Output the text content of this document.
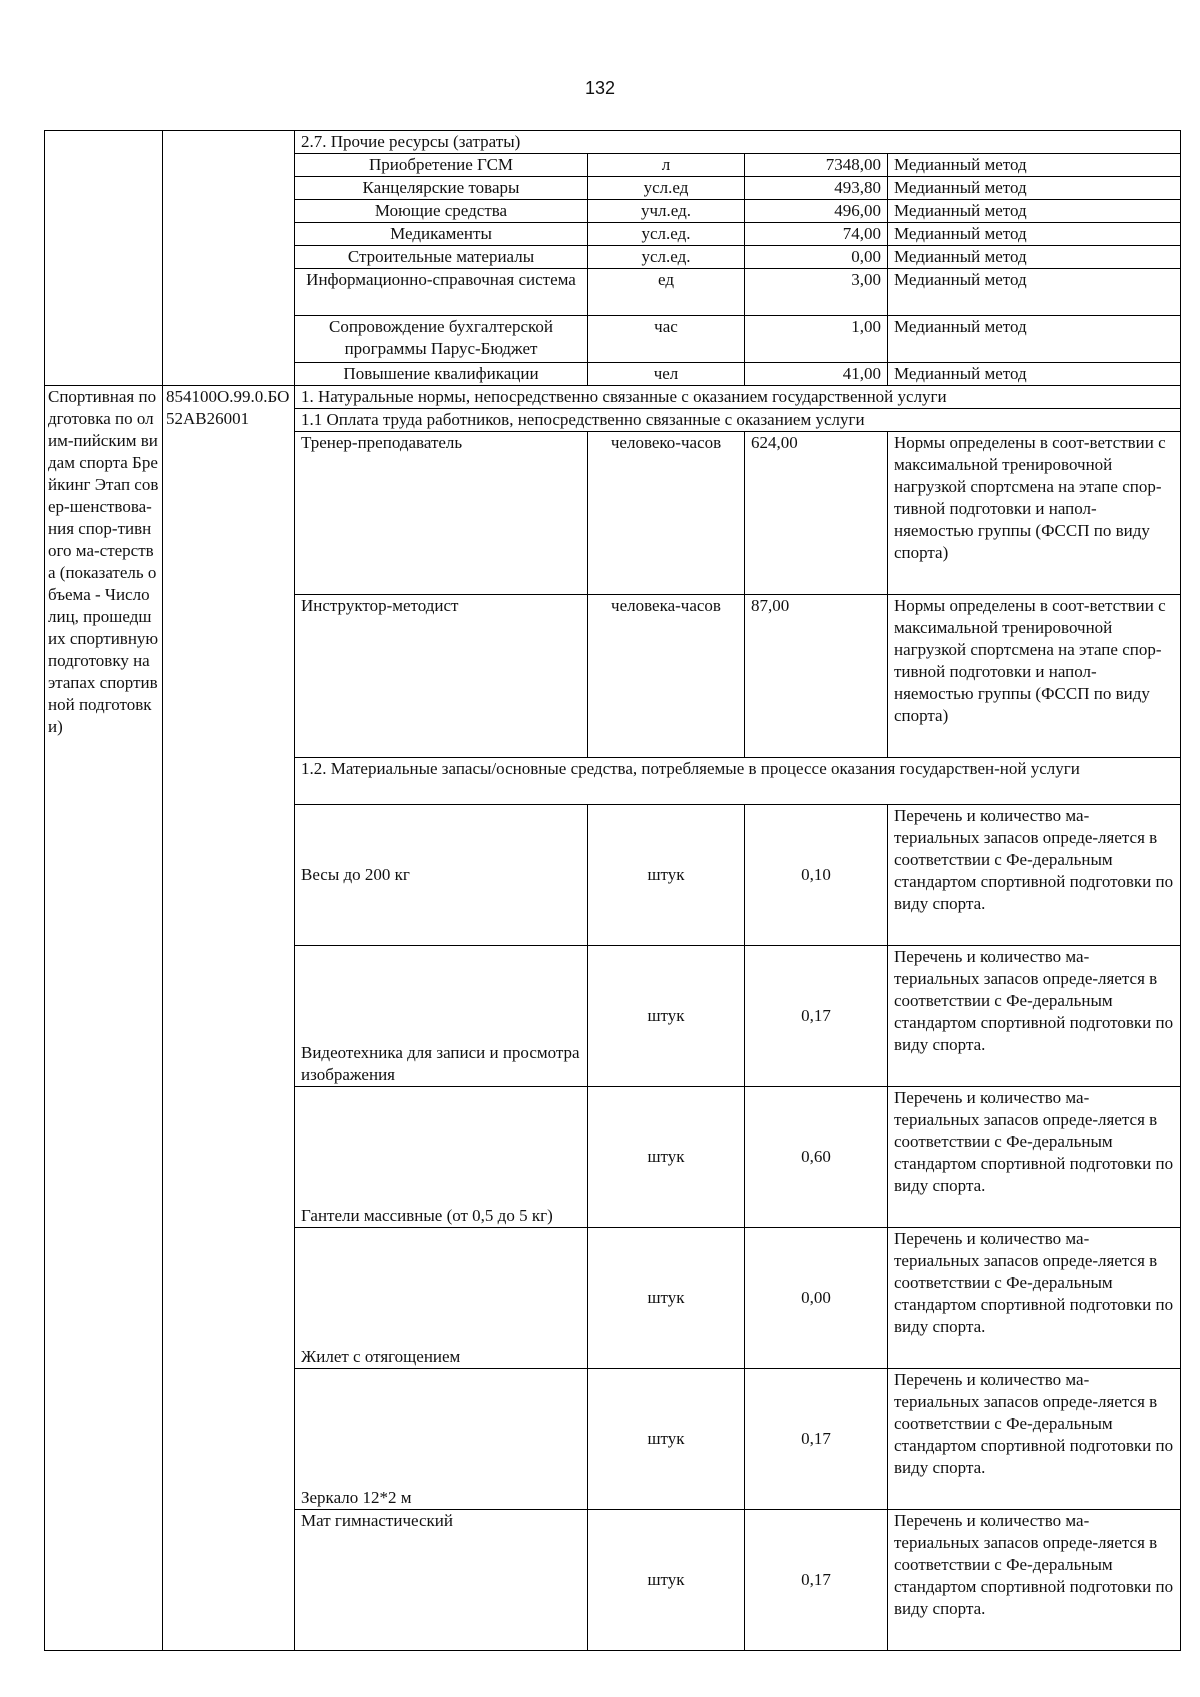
132
		2.7. Прочие ресурсы (затраты)			
		Приобретение ГСМ	л	7348,00	Медианный метод
		Канцелярские товары	усл.ед	493,80	Медианный метод
		Моющие средства	учл.ед.	496,00	Медианный метод
		Медикаменты	усл.ед.	74,00	Медианный метод
		Строительные материалы	усл.ед.	0,00	Медианный метод
		Информационно-справочная система	ед	3,00	Медианный метод
		Сопровождение бухгалтерской программы Парус-Бюджет	час	1,00	Медианный метод
		Повышение квалификации	чел	41,00	Медианный метод
Спортивная подготовка по олим-пийским видам спорта Брейкинг Этап совер-шенствова-ния спор-тивного ма-стерства (показатель объема - Число лиц, прошедших спортивную подготовку на этапах спортивной подготовки)	854100О.99.0.БО52АВ26001	1. Натуральные нормы, непосредственно связанные с оказанием государственной услуги			
		1.1 Оплата труда работников, непосредственно связанные с оказанием услуги			
		Тренер-преподаватель	человеко-часов	624,00	Нормы определены в соот-ветствии с максимальной тренировочной нагрузкой спортсмена на этапе спор-тивной подготовки и напол-няемостью группы (ФССП по виду спорта)
		Инструктор-методист	человека-часов	87,00	Нормы определены в соот-ветствии с максимальной тренировочной нагрузкой спортсмена на этапе спор-тивной подготовки и напол-няемостью группы (ФССП по виду спорта)
		1.2. Материальные запасы/основные средства, потребляемые в процессе оказания государствен-ной услуги			
		Весы до 200 кг	штук	0,10	Перечень и количество ма-териальных запасов опреде-ляется в соответствии с Фе-деральным стандартом спортивной подготовки по виду спорта.
		Видеотехника для записи и просмотра изображения	штук	0,17	Перечень и количество ма-териальных запасов опреде-ляется в соответствии с Фе-деральным стандартом спортивной подготовки по виду спорта.
		Гантели массивные (от 0,5 до 5 кг)	штук	0,60	Перечень и количество ма-териальных запасов опреде-ляется в соответствии с Фе-деральным стандартом спортивной подготовки по виду спорта.
		Жилет с отягощением	штук	0,00	Перечень и количество ма-териальных запасов опреде-ляется в соответствии с Фе-деральным стандартом спортивной подготовки по виду спорта.
		Зеркало 12*2 м	штук	0,17	Перечень и количество ма-териальных запасов опреде-ляется в соответствии с Фе-деральным стандартом спортивной подготовки по виду спорта.
		Мат гимнастический	штук	0,17	Перечень и количество ма-териальных запасов опреде-ляется в соответствии с Фе-деральным стандартом спортивной подготовки по виду спорта.
